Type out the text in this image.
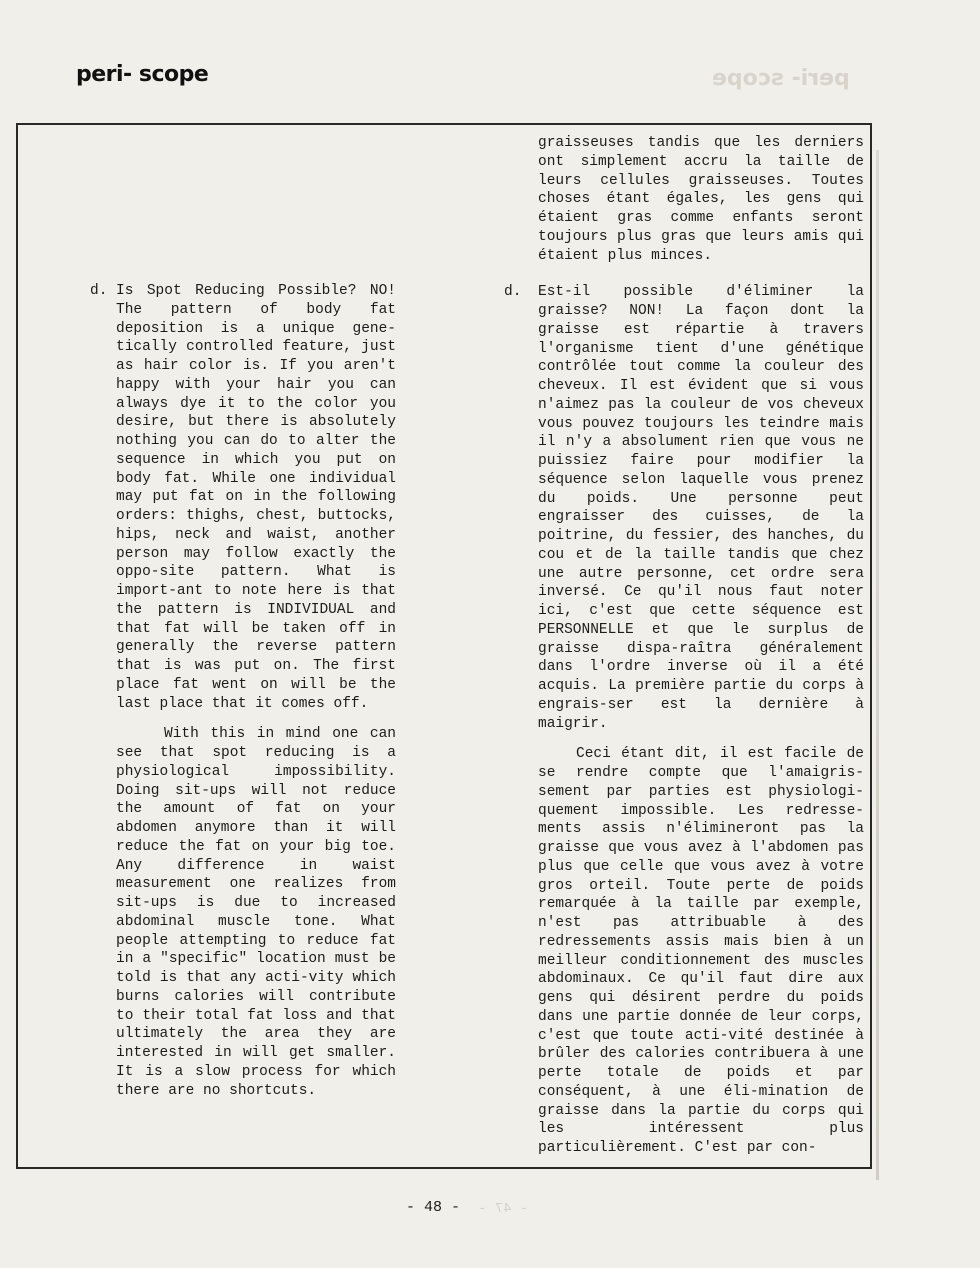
peri- scope	peri- scope

d. Is Spot Reducing Possible? NO! The pattern of body fat deposition is a unique gene-tically controlled feature, just as hair color is. If you aren't happy with your hair you can always dye it to the color you desire, but there is absolutely nothing you can do to alter the sequence in which you put on body fat. While one individual may put fat on in the following orders: thighs, chest, buttocks, hips, neck and waist, another person may follow exactly the oppo-site pattern. What is import-ant to note here is that the pattern is INDIVIDUAL and that fat will be taken off in generally the reverse pattern that is was put on. The first place fat went on will be the last place that it comes off.

With this in mind one can see that spot reducing is a physiological impossibility. Doing sit-ups will not reduce the amount of fat on your abdomen anymore than it will reduce the fat on your big toe. Any difference in waist measurement one realizes from sit-ups is due to increased abdominal muscle tone. What people attempting to reduce fat in a "specific" location must be told is that any acti-vity which burns calories will contribute to their total fat loss and that ultimately the area they are interested in will get smaller. It is a slow process for which there are no shortcuts.

graisseuses tandis que les derniers ont simplement accru la taille de leurs cellules graisseuses. Toutes choses étant égales, les gens qui étaient gras comme enfants seront toujours plus gras que leurs amis qui étaient plus minces.

d. Est-il possible d'éliminer la graisse? NON! La façon dont la graisse est répartie à travers l'organisme tient d'une génétique contrôlée tout comme la couleur des cheveux. Il est évident que si vous n'aimez pas la couleur de vos cheveux vous pouvez toujours les teindre mais il n'y a absolument rien que vous ne puissiez faire pour modifier la séquence selon laquelle vous prenez du poids. Une personne peut engraisser des cuisses, de la poitrine, du fessier, des hanches, du cou et de la taille tandis que chez une autre personne, cet ordre sera inversé. Ce qu'il nous faut noter ici, c'est que cette séquence est PERSONNELLE et que le surplus de graisse dispa-raîtra généralement dans l'ordre inverse où il a été acquis. La première partie du corps à engrais-ser est la dernière à maigrir.

Ceci étant dit, il est facile de se rendre compte que l'amaigris-sement par parties est physiologi-quement impossible. Les redresse-ments assis n'élimineront pas la graisse que vous avez à l'abdomen pas plus que celle que vous avez à votre gros orteil. Toute perte de poids remarquée à la taille par exemple, n'est pas attribuable à des redressements assis mais bien à un meilleur conditionnement des muscles abdominaux. Ce qu'il faut dire aux gens qui désirent perdre du poids dans une partie donnée de leur corps, c'est que toute acti-vité destinée à brûler des calories contribuera à une perte totale de poids et par conséquent, à une éli-mination de graisse dans la partie du corps qui les intéressent plus particulièrement. C'est par con-

- 48 - - 47 -
